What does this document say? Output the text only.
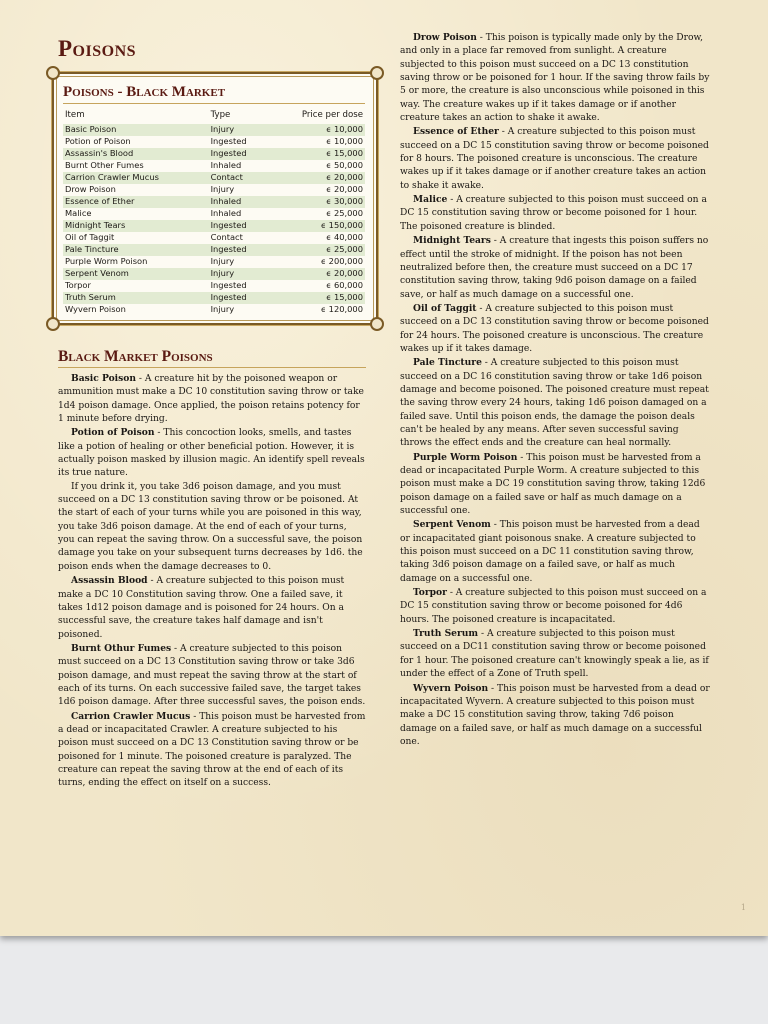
Poisons
Poisons - Black Market
Item	Type	Price per dose
Basic Poison	Injury	ϵ 10,000
Potion of Poison	Ingested	ϵ 10,000
Assassin's Blood	Ingested	ϵ 15,000
Burnt Other Fumes	Inhaled	ϵ 50,000
Carrion Crawler Mucus	Contact	ϵ 20,000
Drow Poison	Injury	ϵ 20,000
Essence of Ether	Inhaled	ϵ 30,000
Malice	Inhaled	ϵ 25,000
Midnight Tears	Ingested	ϵ 150,000
Oil of Taggit	Contact	ϵ 40,000
Pale Tincture	Ingested	ϵ 25,000
Purple Worm Poison	Injury	ϵ 200,000
Serpent Venom	Injury	ϵ 20,000
Torpor	Ingested	ϵ 60,000
Truth Serum	Ingested	ϵ 15,000
Wyvern Poison	Injury	ϵ 120,000
Black Market Poisons

Basic Poison - A creature hit by the poisoned weapon or ammunition must make a DC 10 constitution saving throw or take 1d4 poison damage. Once applied, the poison retains potency for 1 minute before drying.

Potion of Poison - This concoction looks, smells, and tastes like a potion of healing or other beneficial potion. However, it is actually poison masked by illusion magic. An identify spell reveals its true nature.

If you drink it, you take 3d6 poison damage, and you must succeed on a DC 13 constitution saving throw or be poisoned. At the start of each of your turns while you are poisoned in this way, you take 3d6 poison damage. At the end of each of your turns, you can repeat the saving throw. On a successful save, the poison damage you take on your subsequent turns decreases by 1d6. the poison ends when the damage decreases to 0.

Assassin Blood - A creature subjected to this poison must make a DC 10 Constitution saving throw. One a failed save, it takes 1d12 poison damage and is poisoned for 24 hours. On a successful save, the creature takes half damage and isn't poisoned.

Burnt Othur Fumes - A creature subjected to this poison must succeed on a DC 13 Constitution saving throw or take 3d6 poison damage, and must repeat the saving throw at the start of each of its turns. On each successive failed save, the target takes 1d6 poison damage. After three successful saves, the poison ends.

Carrion Crawler Mucus - This poison must be harvested from a dead or incapacitated Crawler. A creature subjected to his poison must succeed on a DC 13 Constitution saving throw or be poisoned for 1 minute. The poisoned creature is paralyzed. The creature can repeat the saving throw at the end of each of its turns, ending the effect on itself on a success.

Drow Poison - This poison is typically made only by the Drow, and only in a place far removed from sunlight. A creature subjected to this poison must succeed on a DC 13 constitution saving throw or be poisoned for 1 hour. If the saving throw fails by 5 or more, the creature is also unconscious while poisoned in this way. The creature wakes up if it takes damage or if another creature takes an action to shake it awake.

Essence of Ether - A creature subjected to this poison must succeed on a DC 15 constitution saving throw or become poisoned for 8 hours. The poisoned creature is unconscious. The creature wakes up if it takes damage or if another creature takes an action to shake it awake.

Malice - A creature subjected to this poison must succeed on a DC 15 constitution saving throw or become poisoned for 1 hour. The poisoned creature is blinded.

Midnight Tears - A creature that ingests this poison suffers no effect until the stroke of midnight. If the poison has not been neutralized before then, the creature must succeed on a DC 17 constitution saving throw, taking 9d6 poison damage on a failed save, or half as much damage on a successful one.

Oil of Taggit - A creature subjected to this poison must succeed on a DC 13 constitution saving throw or become poisoned for 24 hours. The poisoned creature is unconscious. The creature wakes up if it takes damage.

Pale Tincture - A creature subjected to this poison must succeed on a DC 16 constitution saving throw or take 1d6 poison damage and become poisoned. The poisoned creature must repeat the saving throw every 24 hours, taking 1d6 poison damaged on a failed save. Until this poison ends, the damage the poison deals can't be healed by any means. After seven successful saving throws the effect ends and the creature can heal normally.

Purple Worm Poison - This poison must be harvested from a dead or incapacitated Purple Worm. A creature subjected to this poison must make a DC 19 constitution saving throw, taking 12d6 poison damage on a failed save or half as much damage on a successful one.

Serpent Venom - This poison must be harvested from a dead or incapacitated giant poisonous snake. A creature subjected to this poison must succeed on a DC 11 constitution saving throw, taking 3d6 poison damage on a failed save, or half as much damage on a successful one.

Torpor - A creature subjected to this poison must succeed on a DC 15 constitution saving throw or become poisoned for 4d6 hours. The poisoned creature is incapacitated.

Truth Serum - A creature subjected to this poison must succeed on a DC11 constitution saving throw or become poisoned for 1 hour. The poisoned creature can't knowingly speak a lie, as if under the effect of a Zone of Truth spell.

Wyvern Poison - This poison must be harvested from a dead or incapacitated Wyvern. A creature subjected to this poison must make a DC 15 constitution saving throw, taking 7d6 poison damage on a failed save, or half as much damage on a successful one.

1
